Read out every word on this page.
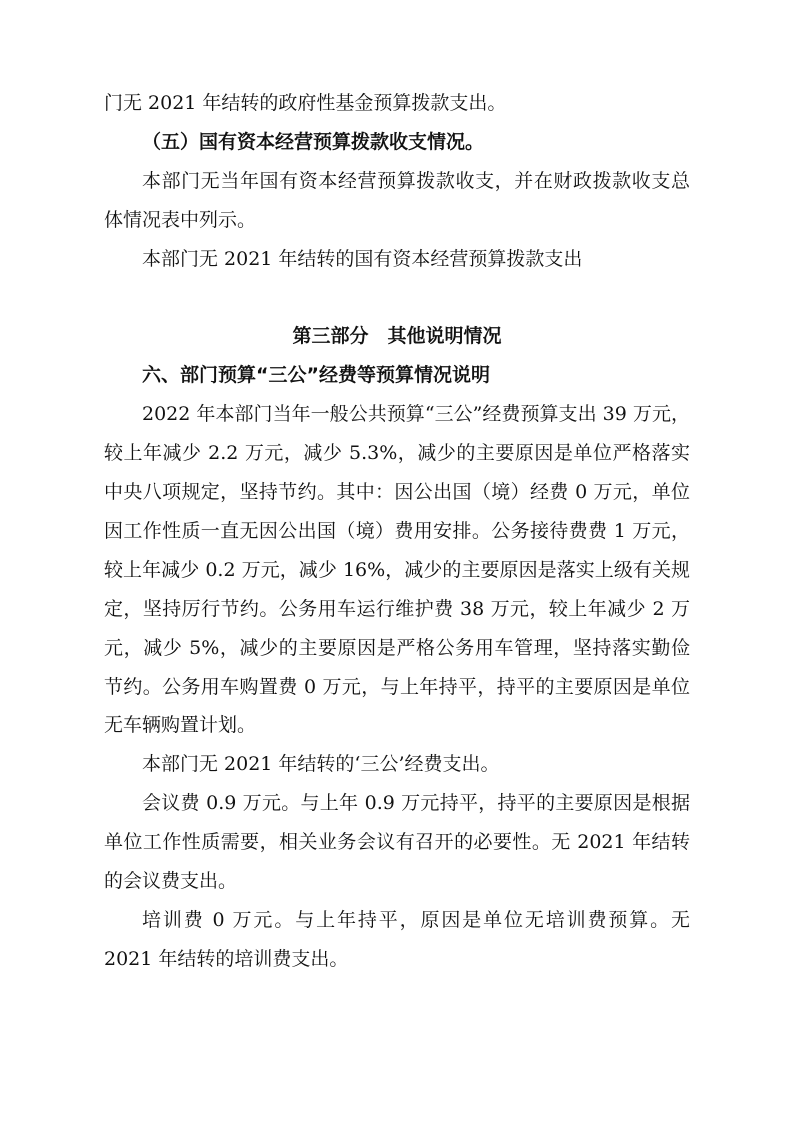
门无 2021 年结转的政府性基金预算拨款支出。

（五）国有资本经营预算拨款收支情况。

本部门无当年国有资本经营预算拨款收支，并在财政拨款收支总体情况表中列示。

本部门无 2021 年结转的国有资本经营预算拨款支出

第三部分　其他说明情况

六、部门预算“三公”经费等预算情况说明

2022 年本部门当年一般公共预算“三公”经费预算支出 39 万元，较上年减少 2.2 万元，减少 5.3%，减少的主要原因是单位严格落实中央八项规定，坚持节约。其中：因公出国（境）经费 0 万元，单位因工作性质一直无因公出国（境）费用安排。公务接待费费 1 万元，较上年减少 0.2 万元，减少 16%，减少的主要原因是落实上级有关规定，坚持厉行节约。公务用车运行维护费 38 万元，较上年减少 2 万元，减少 5%，减少的主要原因是严格公务用车管理，坚持落实勤俭节约。公务用车购置费 0 万元，与上年持平，持平的主要原因是单位无车辆购置计划。

本部门无 2021 年结转的‘三公’经费支出。

会议费 0.9 万元。与上年 0.9 万元持平，持平的主要原因是根据单位工作性质需要，相关业务会议有召开的必要性。无 2021 年结转的会议费支出。

培训费 0 万元。与上年持平，原因是单位无培训费预算。无 2021 年结转的培训费支出。
